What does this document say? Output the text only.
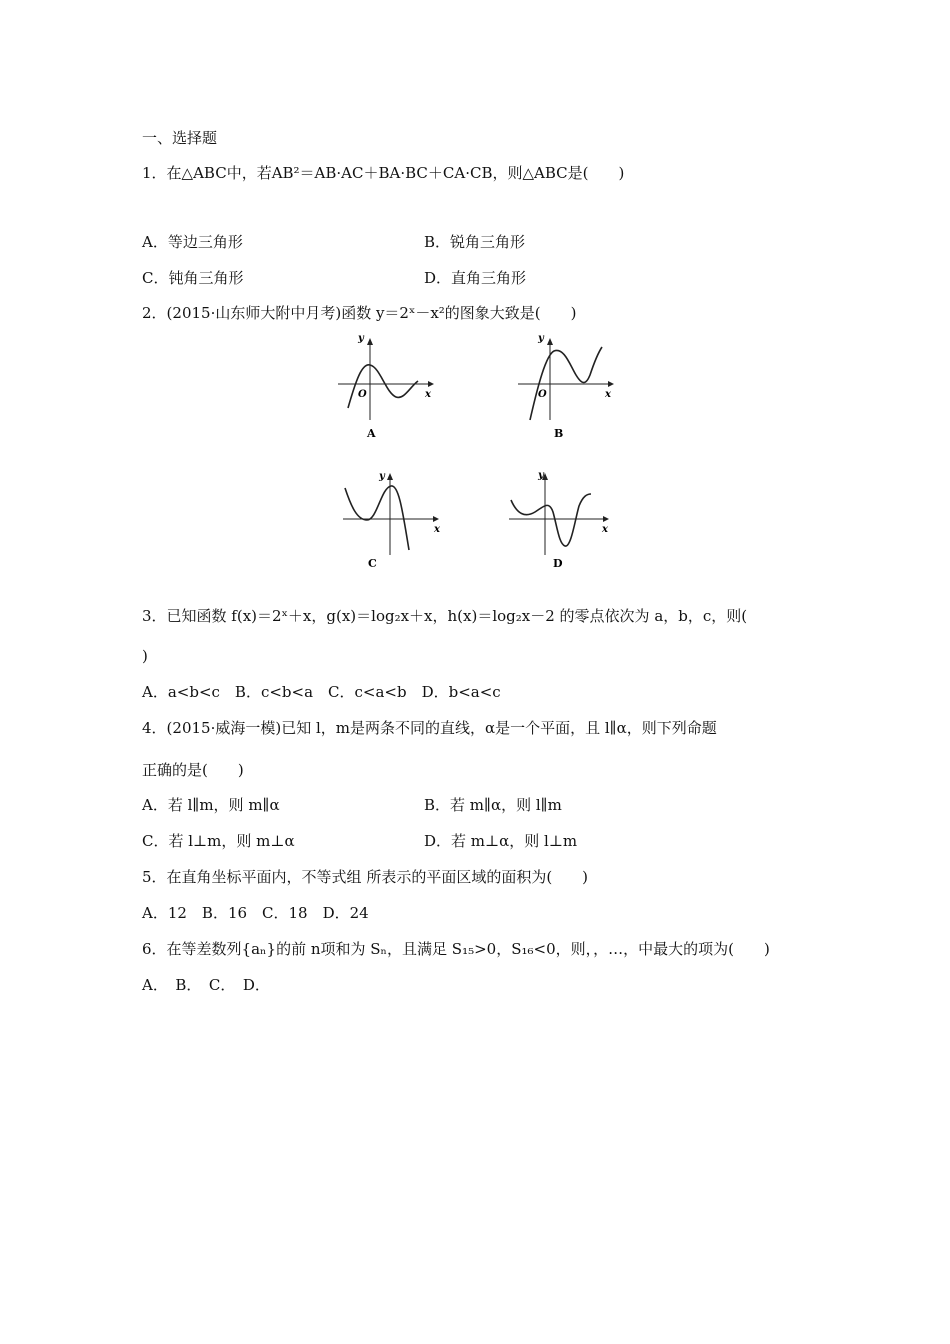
一、选择题
1．在△ABC中，若AB²＝AB·AC＋BA·BC＋CA·CB，则△ABC是(　　)
A．等边三角形	B．锐角三角形
C．钝角三角形	D．直角三角形
2．(2015·山东师大附中月考)函数 y＝2ˣ－x²的图象大致是(　　)
y
x
O
A
y
x
O
B
y
x
C
y
x
D
3．已知函数 f(x)＝2ˣ＋x，g(x)＝log₂x＋x，h(x)＝log₂x－2 的零点依次为 a，b，c，则(
)
A．a<b<c　B．c<b<a　C．c<a<b　D．b<a<c
4．(2015·威海一模)已知 l，m是两条不同的直线，α是一个平面，且 l∥α，则下列命题
正确的是(　　)
A．若 l∥m，则 m∥α	B．若 m∥α，则 l∥m
C．若 l⊥m，则 m⊥α	D．若 m⊥α，则 l⊥m
5．在直角坐标平面内，不等式组 所表示的平面区域的面积为(　　)
A．12　B．16　C．18　D．24
6．在等差数列{aₙ}的前 n项和为 Sₙ，且满足 S₁₅>0，S₁₆<0，则，，…，中最大的项为(　　)
A．　B．　C．　D．
